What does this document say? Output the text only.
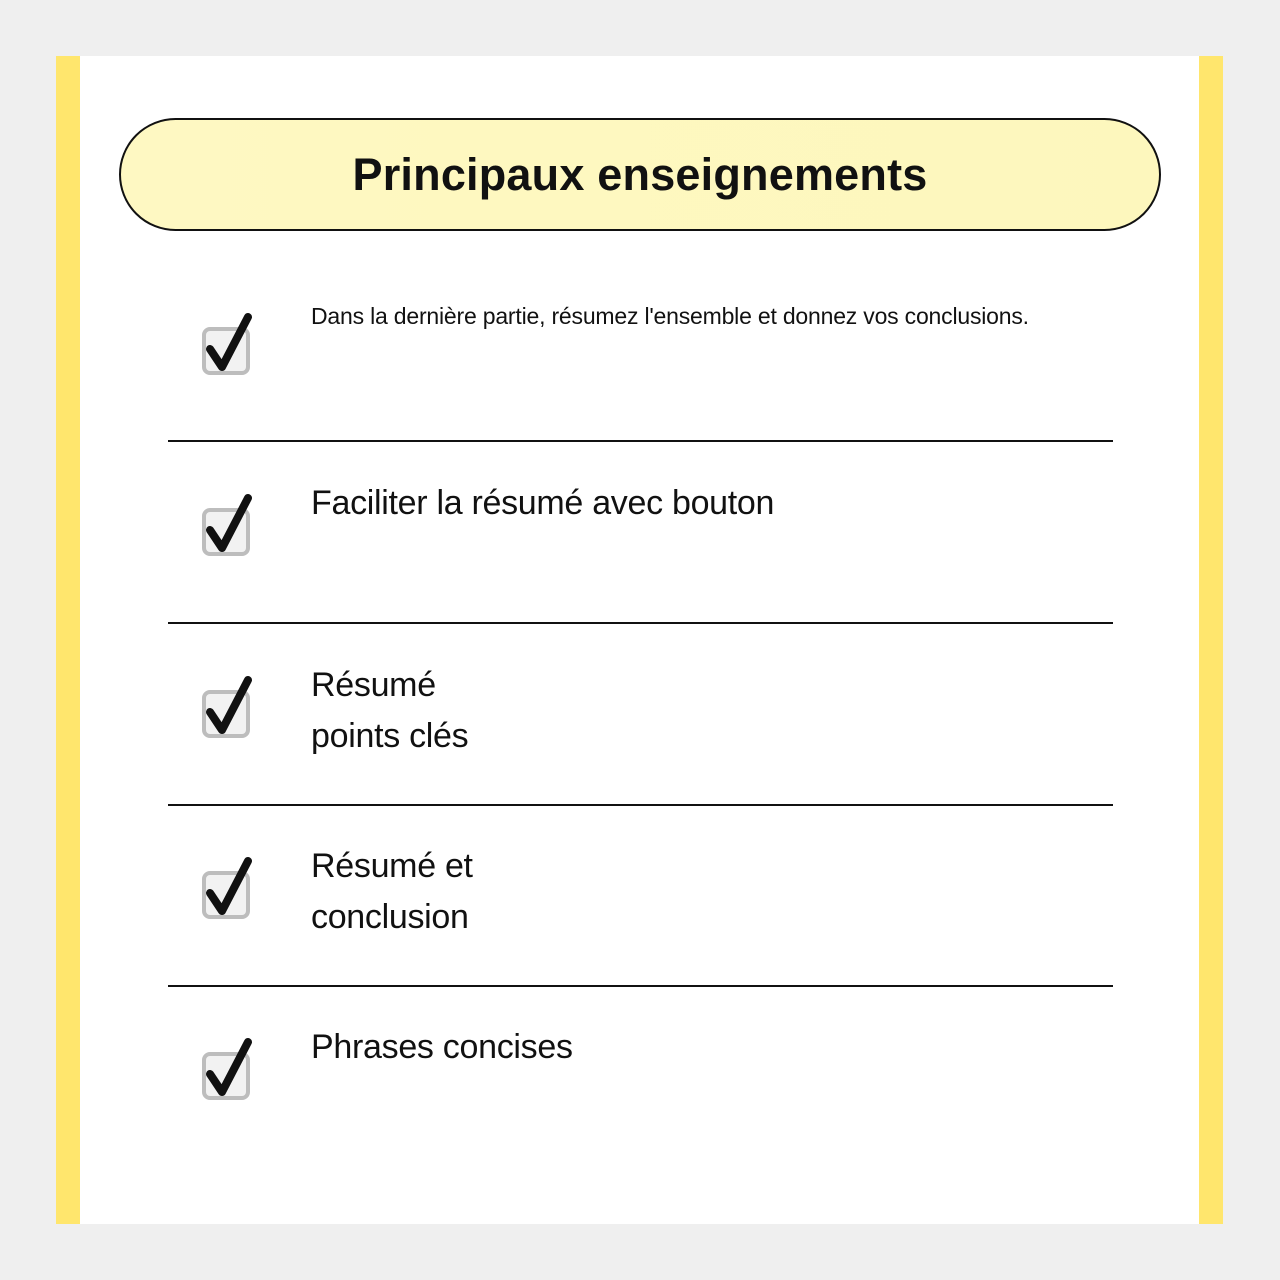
Principaux enseignements
Dans la dernière partie, résumez l'ensemble et donnez vos conclusions.
Faciliter la résumé avec bouton
Résumé
points clés
Résumé et
conclusion
Phrases concises
